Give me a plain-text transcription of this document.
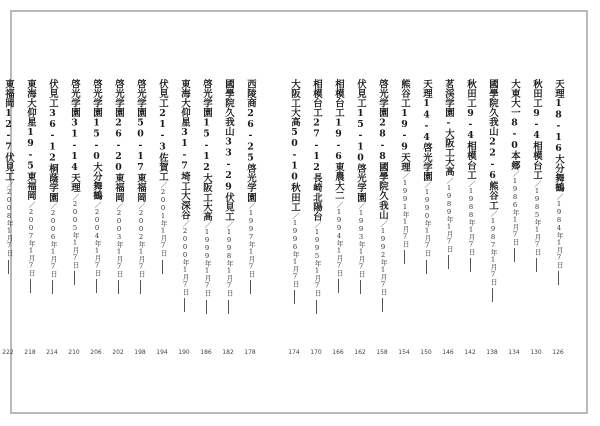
天理18-16大分舞鶴
／1984年1月7日
126
秋田工9-4相模台工
／1985年1月7日
130
大東大一8-0本郷
／1986年1月7日
134
國學院久我山22-6熊谷工
／1987年1月7日
138
秋田工9-4相模台工
／1988年1月7日
142
茗渓学園-大阪工大高
／1989年1月7日
146
天理14-4啓光学園
／1990年1月7日
150
熊谷工19-9天理
／1991年1月7日
154
啓光学園28-8國學院久我山
／1992年1月7日
158
伏見工15-10啓光学園
／1993年1月7日
162
相模台工19-6東農大二
／1994年1月7日
166
相模台工27-12長崎北陽台
／1995年1月7日
170
大阪工大高50-10秋田工
／1996年1月7日
174
西陵商26-25啓光学園
／1997年1月7日
178
國學院久我山33-29伏見工
／1998年1月7日
182
啓光学園15-12大阪工大高
／1999年1月7日
186
東海大仰星31-7埼工大深谷
／2000年1月7日
190
伏見工21-3佐賀工
／2001年1月7日
194
啓光学園50-17東福岡
／2002年1月7日
198
啓光学園26-20東福岡
／2003年1月7日
202
啓光学園15-0大分舞鶴
／2004年1月7日
206
啓光学園31-14天理
／2005年1月7日
210
伏見工36-12桐蔭学園
／2006年1月7日
214
東海大仰星19-5東福岡
／2007年1月7日
218
東福岡12-7伏見工
／2008年1月7日
222
